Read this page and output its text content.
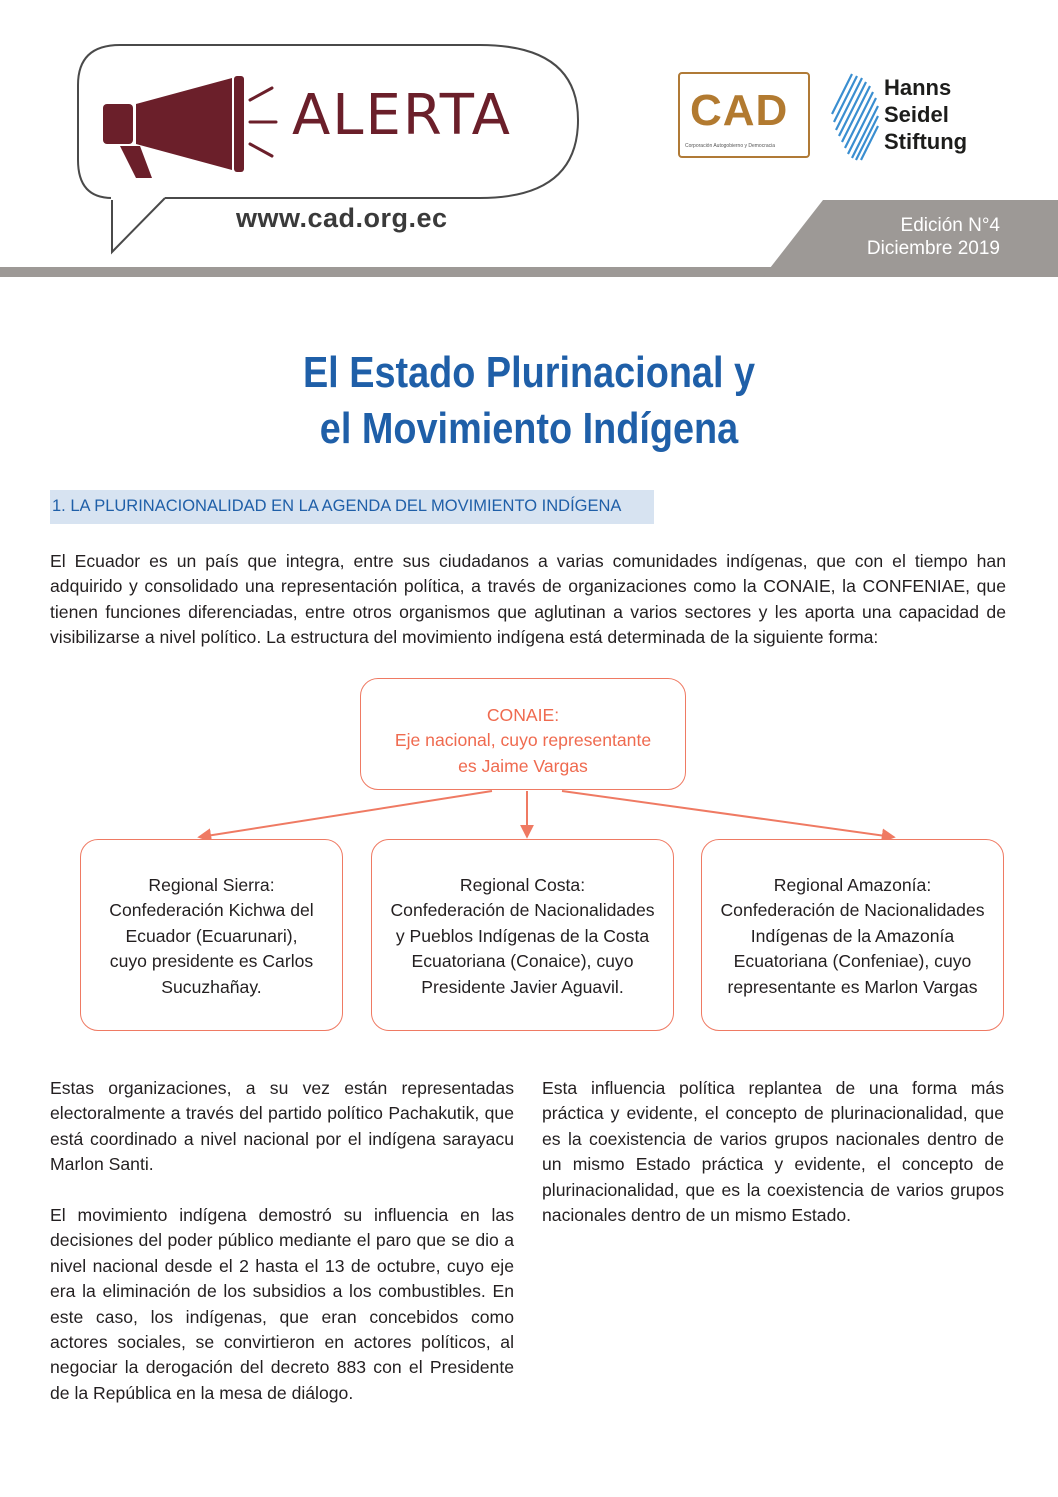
ALERTA
www.cad.org.ec
CAD
Corporación Autogobierno y Democracia
Hanns
Seidel
Stiftung
Edición N°4
Diciembre 2019
El Estado Plurinacional y
el Movimiento Indígena
1. LA PLURINACIONALIDAD EN LA AGENDA DEL MOVIMIENTO INDÍGENA
El Ecuador es un país que integra, entre sus ciudadanos a varias comunidades indígenas, que con el tiempo han adquirido y consolidado una representación política, a través de organizaciones como la CONAIE, la CONFENIAE, que tienen funciones diferenciadas, entre otros organismos que aglutinan a varios sectores y les aporta una capacidad de visibilizarse a nivel político. La estructura del movimiento indígena está determinada de la siguiente forma:
CONAIE:
Eje nacional, cuyo representante
es Jaime Vargas
Regional Sierra:
Confederación Kichwa del
Ecuador (Ecuarunari),
cuyo presidente es Carlos
Sucuzhañay.
Regional Costa:
Confederación de Nacionalidades
y Pueblos Indígenas de la Costa
Ecuatoriana (Conaice), cuyo
Presidente Javier Aguavil.
Regional Amazonía:
Confederación de Nacionalidades
Indígenas de la Amazonía
Ecuatoriana (Confeniae), cuyo
representante es Marlon Vargas
Estas organizaciones, a su vez están representadas electoralmente a través del partido político Pachakutik, que está coordinado a nivel nacional por el indígena sarayacu Marlon Santi.
El movimiento indígena demostró su influencia en las decisiones del poder público mediante el paro que se dio a nivel nacional desde el 2 hasta el 13 de octubre, cuyo eje era la eliminación de los subsidios a los combustibles. En este caso, los indígenas, que eran concebidos como actores sociales, se convirtieron en actores políticos, al negociar la derogación del decreto 883 con el Presidente de la República en la mesa de diálogo.
Esta influencia política replantea de una forma más práctica y evidente, el concepto de plurinacionalidad, que es la coexistencia de varios grupos nacionales dentro de un mismo Estado práctica y evidente, el concepto de plurinacionalidad, que es la coexistencia de varios grupos nacionales dentro de un mismo Estado.
